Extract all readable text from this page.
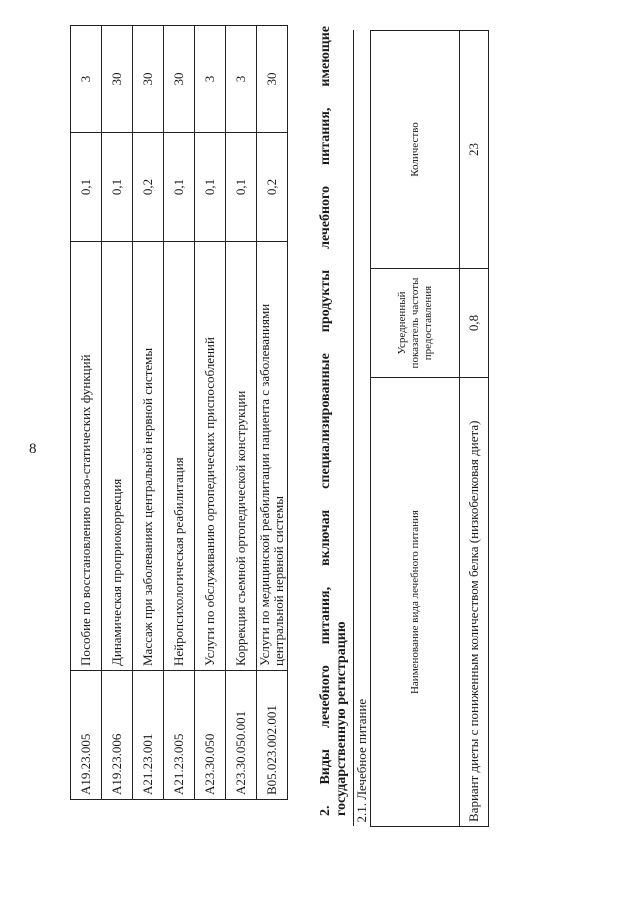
8
A19.23.005	Пособие по восстановлению позо-статических функций	0,1	3
A19.23.006	Динамическая проприокоррекция	0,1	30
A21.23.001	Массаж при заболеваниях центральной нервной системы	0,2	30
A21.23.005	Нейропсихологическая реабилитация	0,1	30
A23.30.050	Услуги по обслуживанию ортопедических приспособлений	0,1	3
A23.30.050.001	Коррекция съемной ортопедической конструкции	0,1	3
B05.023.002.001	Услуги по медицинской реабилитации пациента с заболеваниями центральной нервной системы	0,2	30	2. Виды лечебного питания, включая специализированные продукты лечебного питания, имеющие государственную регистрацию 2.1. Лечебное питание		
Наименование вида лечебного питания	Усредненный показатель частоты предоставления	Количество
Вариант диеты с пониженным количеством белка (низкобелковая диета)	0,8	23
